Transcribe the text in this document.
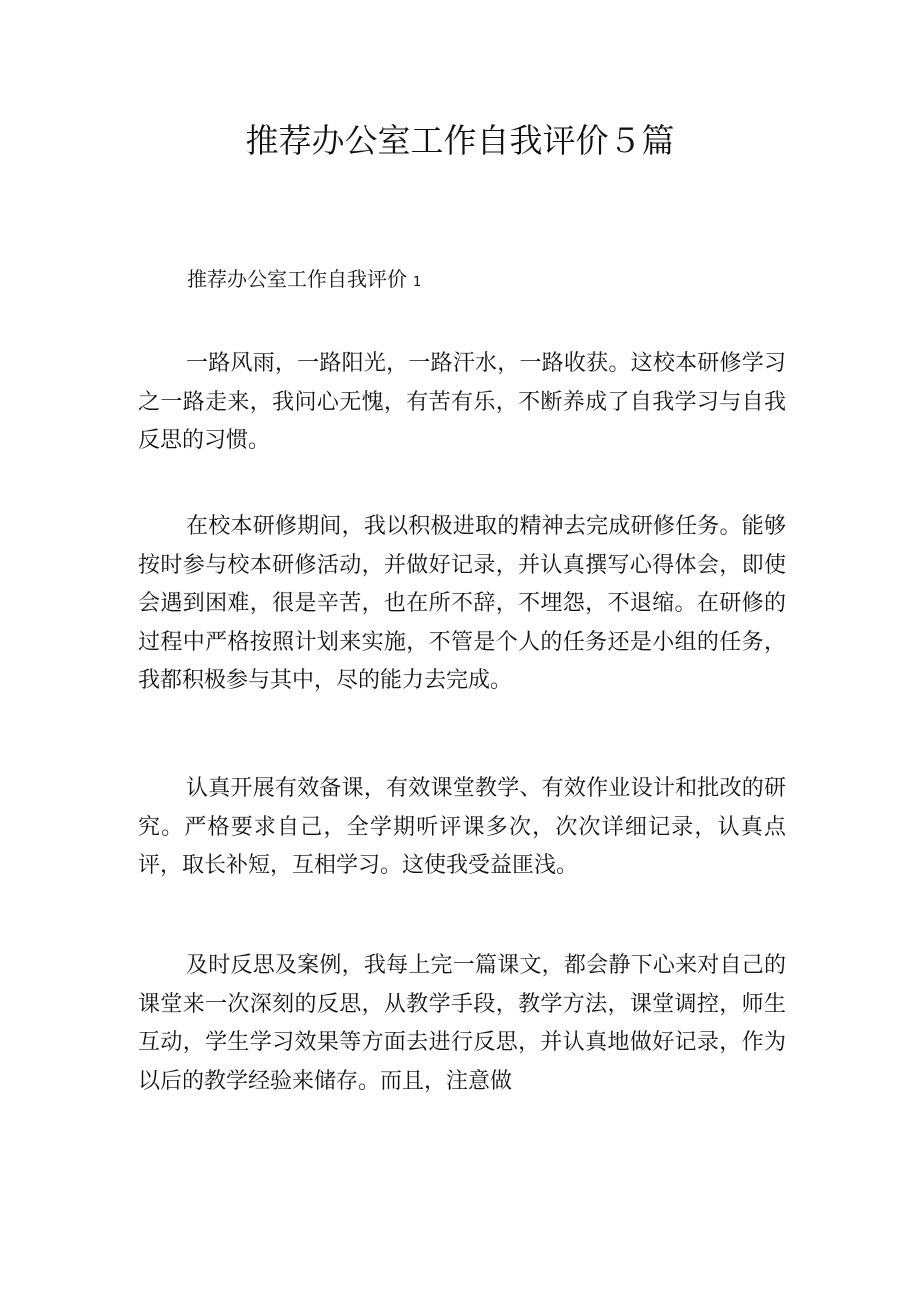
推荐办公室工作自我评价５篇
推荐办公室工作自我评价 1

一路风雨，一路阳光，一路汗水，一路收获。这校本研修学习之一路走来，我问心无愧，有苦有乐，不断养成了自我学习与自我反思的习惯。

在校本研修期间，我以积极进取的精神去完成研修任务。能够按时参与校本研修活动，并做好记录，并认真撰写心得体会，即使会遇到困难，很是辛苦，也在所不辞，不埋怨，不退缩。在研修的过程中严格按照计划来实施，不管是个人的任务还是小组的任务，我都积极参与其中，尽的能力去完成。

认真开展有效备课，有效课堂教学、有效作业设计和批改的研究。严格要求自己，全学期听评课多次，次次详细记录，认真点评，取长补短，互相学习。这使我受益匪浅。

及时反思及案例，我每上完一篇课文，都会静下心来对自己的课堂来一次深刻的反思，从教学手段，教学方法，课堂调控，师生互动，学生学习效果等方面去进行反思，并认真地做好记录，作为以后的教学经验来储存。而且，注意做
